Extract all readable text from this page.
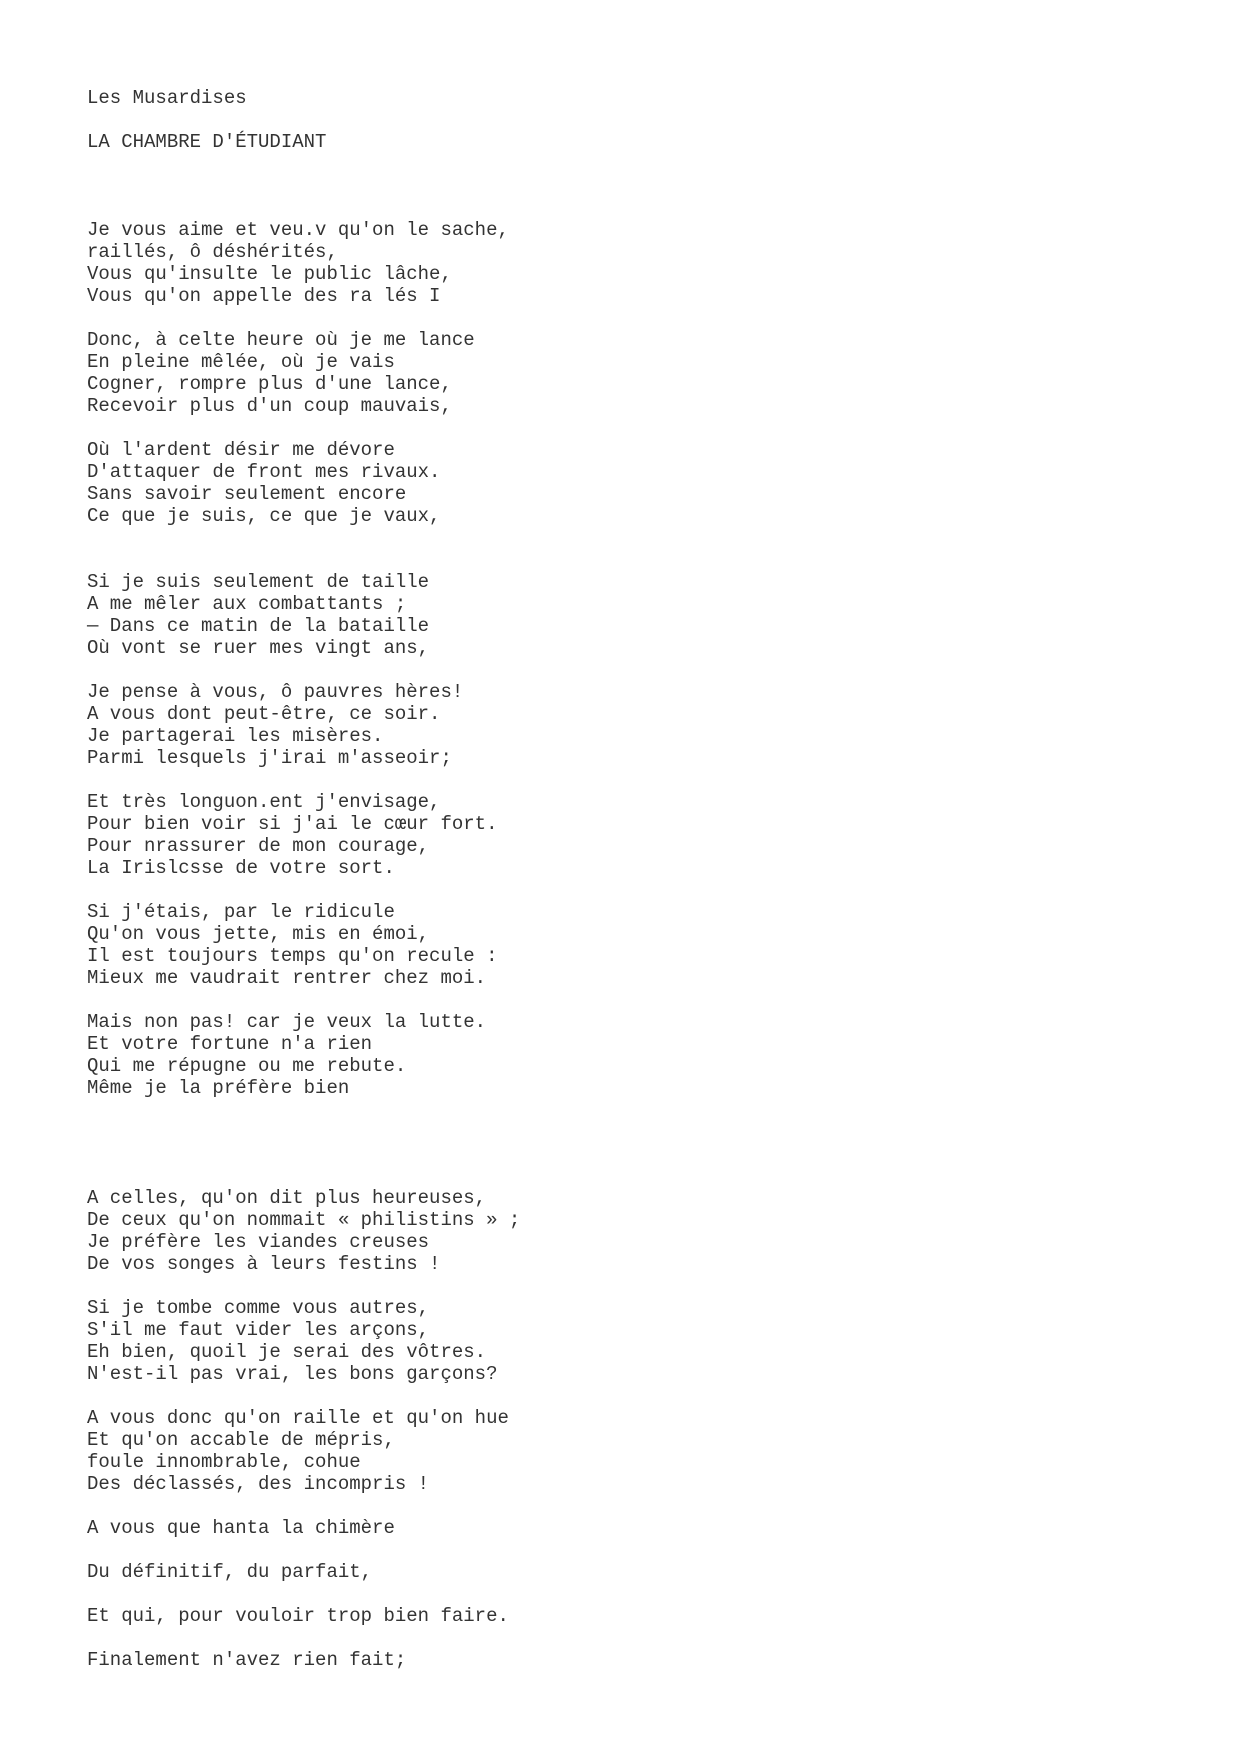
Les Musardises
LA CHAMBRE D'ÉTUDIANT
Je vous aime et veu.v qu'on le sache,
raillés, ô déshérités,
Vous qu'insulte le public lâche,
Vous qu'on appelle des ra lés I
Donc, à celte heure où je me lance
En pleine mêlée, où je vais
Cogner, rompre plus d'une lance,
Recevoir plus d'un coup mauvais,
Où l'ardent désir me dévore
D'attaquer de front mes rivaux.
Sans savoir seulement encore
Ce que je suis, ce que je vaux,
Si je suis seulement de taille
A me mêler aux combattants ;
— Dans ce matin de la bataille
Où vont se ruer mes vingt ans,
Je pense à vous, ô pauvres hères!
A vous dont peut-être, ce soir.
Je partagerai les misères.
Parmi lesquels j'irai m'asseoir;
Et très longuon.ent j'envisage,
Pour bien voir si j'ai le cœur fort.
Pour nrassurer de mon courage,
La Irislcsse de votre sort.
Si j'étais, par le ridicule
Qu'on vous jette, mis en émoi,
Il est toujours temps qu'on recule :
Mieux me vaudrait rentrer chez moi.
Mais non pas! car je veux la lutte.
Et votre fortune n'a rien
Qui me répugne ou me rebute.
Même je la préfère bien
A celles, qu'on dit plus heureuses,
De ceux qu'on nommait « philistins » ;
Je préfère les viandes creuses
De vos songes à leurs festins !
Si je tombe comme vous autres,
S'il me faut vider les arçons,
Eh bien, quoil je serai des vôtres.
N'est-il pas vrai, les bons garçons?
A vous donc qu'on raille et qu'on hue
Et qu'on accable de mépris,
foule innombrable, cohue
Des déclassés, des incompris !
A vous que hanta la chimère
Du définitif, du parfait,
Et qui, pour vouloir trop bien faire.
Finalement n'avez rien fait;
